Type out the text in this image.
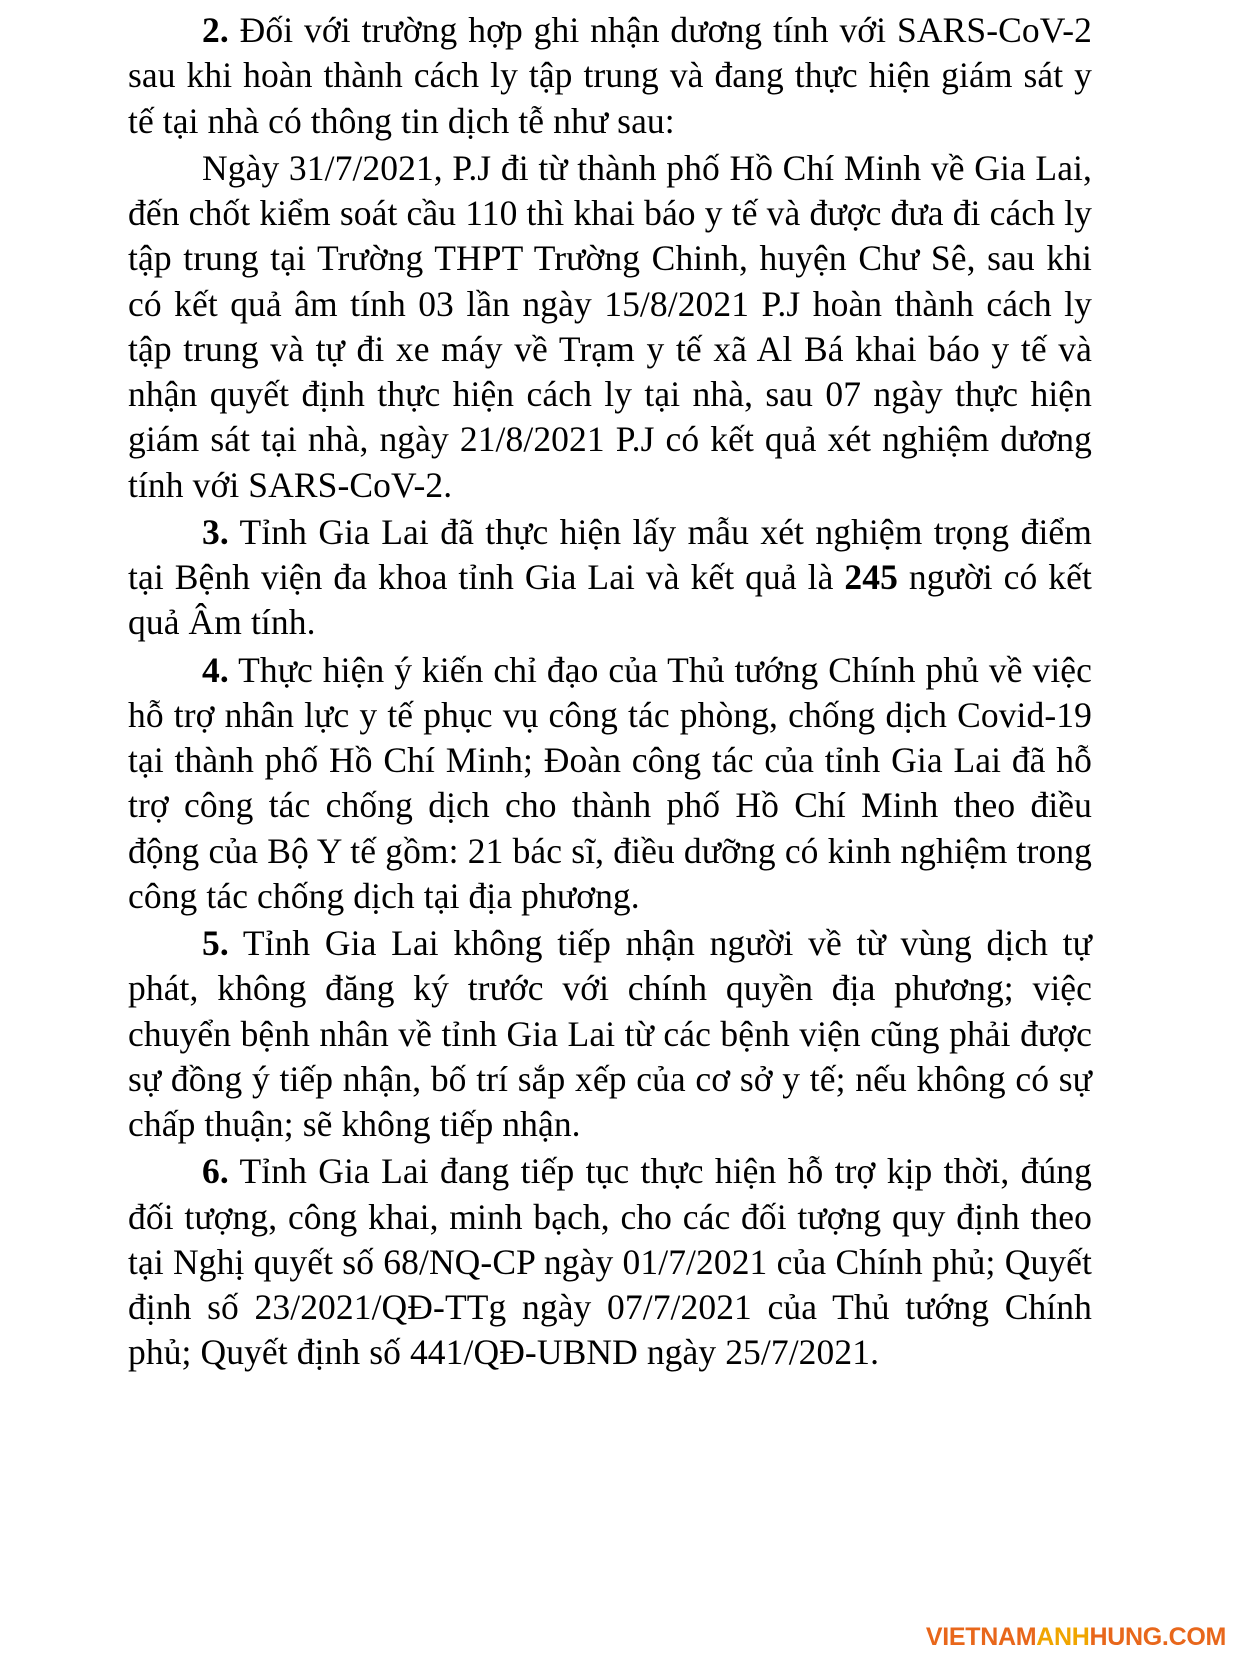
2. Đối với trường hợp ghi nhận dương tính với SARS-CoV-2 sau khi hoàn thành cách ly tập trung và đang thực hiện giám sát y tế tại nhà có thông tin dịch tễ như sau:

Ngày 31/7/2021, P.J đi từ thành phố Hồ Chí Minh về Gia Lai, đến chốt kiểm soát cầu 110 thì khai báo y tế và được đưa đi cách ly tập trung tại Trường THPT Trường Chinh, huyện Chư Sê, sau khi có kết quả âm tính 03 lần ngày 15/8/2021 P.J hoàn thành cách ly tập trung và tự đi xe máy về Trạm y tế xã Al Bá khai báo y tế và nhận quyết định thực hiện cách ly tại nhà, sau 07 ngày thực hiện giám sát tại nhà, ngày 21/8/2021 P.J có kết quả xét nghiệm dương tính với SARS-CoV-2.

3. Tỉnh Gia Lai đã thực hiện lấy mẫu xét nghiệm trọng điểm tại Bệnh viện đa khoa tỉnh Gia Lai và kết quả là 245 người có kết quả Âm tính.

4. Thực hiện ý kiến chỉ đạo của Thủ tướng Chính phủ về việc hỗ trợ nhân lực y tế phục vụ công tác phòng, chống dịch Covid-19 tại thành phố Hồ Chí Minh; Đoàn công tác của tỉnh Gia Lai đã hỗ trợ công tác chống dịch cho thành phố Hồ Chí Minh theo điều động của Bộ Y tế gồm: 21 bác sĩ, điều dưỡng có kinh nghiệm trong công tác chống dịch tại địa phương.

5. Tỉnh Gia Lai không tiếp nhận người về từ vùng dịch tự phát, không đăng ký trước với chính quyền địa phương; việc chuyển bệnh nhân về tỉnh Gia Lai từ các bệnh viện cũng phải được sự đồng ý tiếp nhận, bố trí sắp xếp của cơ sở y tế; nếu không có sự chấp thuận; sẽ không tiếp nhận.

6. Tỉnh Gia Lai đang tiếp tục thực hiện hỗ trợ kịp thời, đúng đối tượng, công khai, minh bạch, cho các đối tượng quy định theo tại Nghị quyết số 68/NQ-CP ngày 01/7/2021 của Chính phủ; Quyết định số 23/2021/QĐ-TTg ngày 07/7/2021 của Thủ tướng Chính phủ; Quyết định số 441/QĐ-UBND ngày 25/7/2021.

VIETNAMANHHUNG.COM
